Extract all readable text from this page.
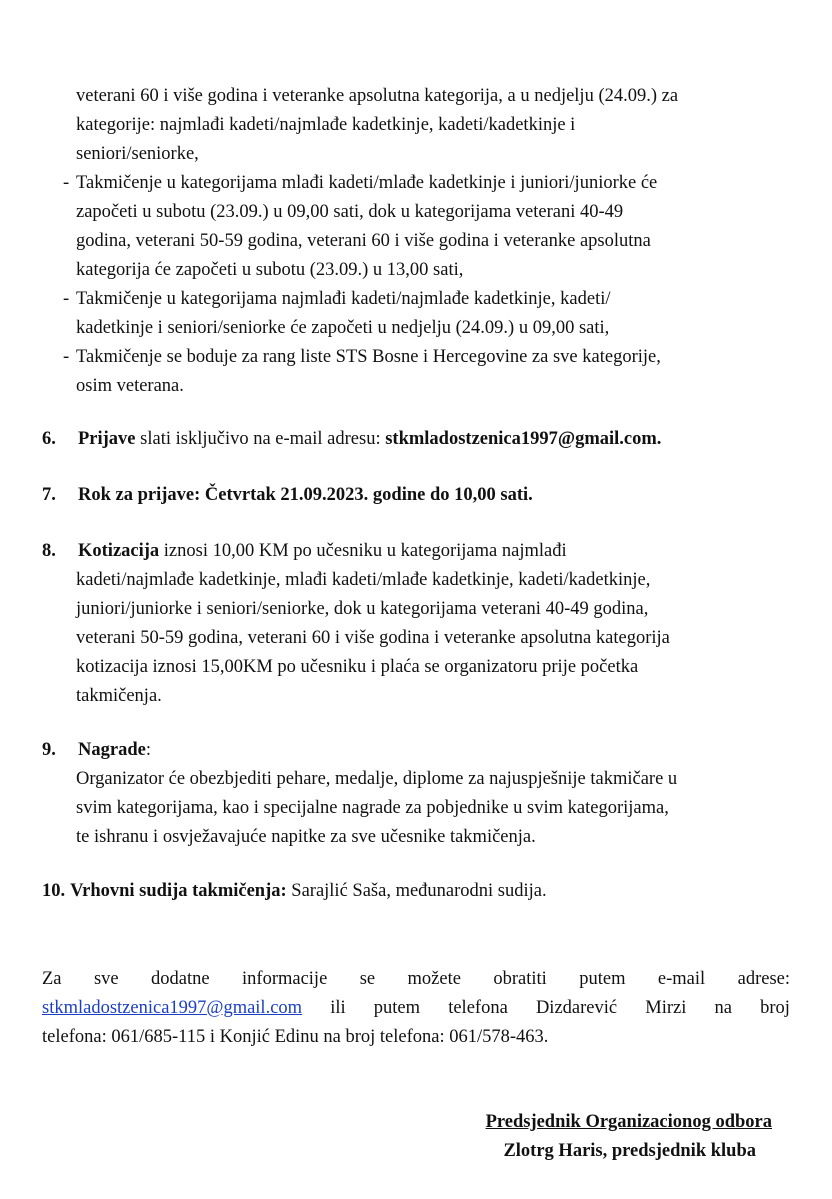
veterani 60 i više godina i veteranke apsolutna kategorija, a u nedjelju (24.09.) za
kategorije: najmlađi kadeti/najmlađe kadetkinje, kadeti/kadetkinje i
seniori/seniorke,
- Takmičenje u kategorijama mlađi kadeti/mlađe kadetkinje i juniori/juniorke će
započeti u subotu (23.09.) u 09,00 sati, dok u kategorijama veterani 40-49
godina, veterani 50-59 godina, veterani 60 i više godina i veteranke apsolutna
kategorija će započeti u subotu (23.09.) u 13,00 sati,
- Takmičenje u kategorijama najmlađi kadeti/najmlađe kadetkinje, kadeti/
kadetkinje i seniori/seniorke će započeti u nedjelju (24.09.) u 09,00 sati,
- Takmičenje se boduje za rang liste STS Bosne i Hercegovine za sve kategorije,
osim veterana.
6. Prijave slati isključivo na e-mail adresu: stkmladostzenica1997@gmail.com.
7. Rok za prijave: Četvrtak 21.09.2023. godine do 10,00 sati.
8. Kotizacija iznosi 10,00 KM po učesniku u kategorijama najmlađi
kadeti/najmlađe kadetkinje, mlađi kadeti/mlađe kadetkinje, kadeti/kadetkinje,
juniori/juniorke i seniori/seniorke, dok u kategorijama veterani 40-49 godina,
veterani 50-59 godina, veterani 60 i više godina i veteranke apsolutna kategorija
kotizacija iznosi 15,00KM po učesniku i plaća se organizatoru prije početka
takmičenja.
9. Nagrade:
Organizator će obezbjediti pehare, medalje, diplome za najuspješnije takmičare u
svim kategorijama, kao i specijalne nagrade za pobjednike u svim kategorijama,
te ishranu i osvježavajuće napitke za sve učesnike takmičenja.
10. Vrhovni sudija takmičenja: Sarajlić Saša, međunarodni sudija.
Za sve dodatne informacije se možete obratiti putem e-mail adrese:
stkmladostzenica1997@gmail.com ili putem telefona Dizdarević Mirzi na broj
telefona: 061/685-115 i Konjić Edinu na broj telefona: 061/578-463.
Predsjednik Organizacionog odbora
Zlotrg Haris, predsjednik kluba
